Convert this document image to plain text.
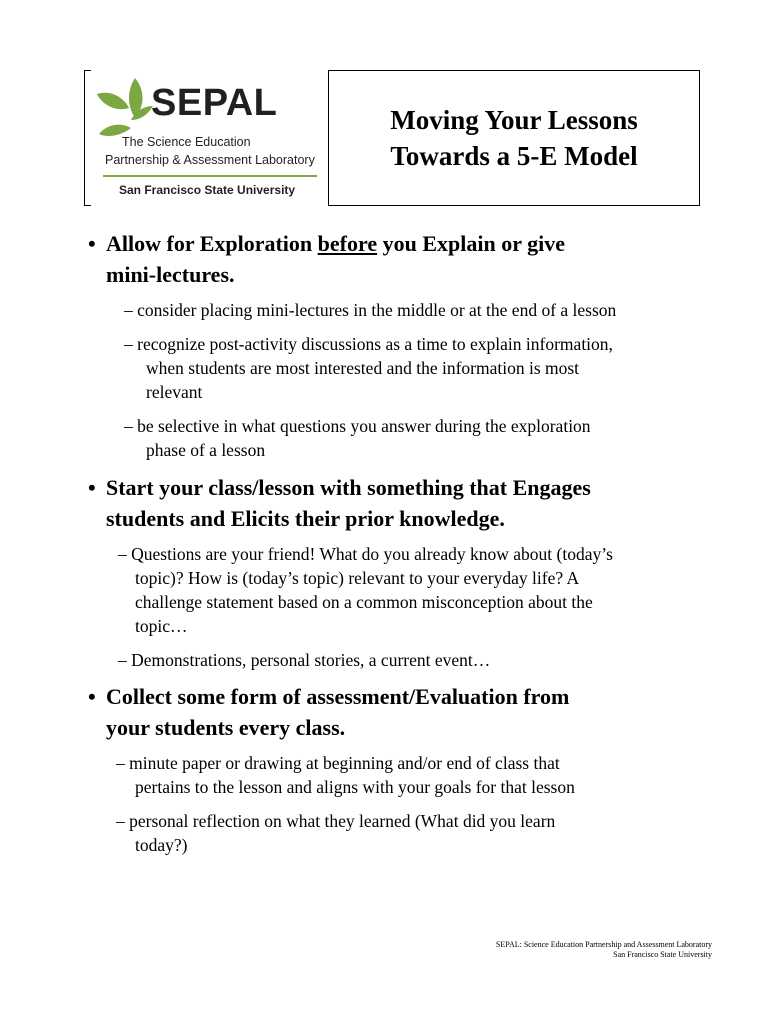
SEPAL
The Science Education
Partnership & Assessment Laboratory
San Francisco State University
Moving Your Lessons
Towards a 5-E Model
• Allow for Exploration before you Explain or give
mini-lectures.
– consider placing mini-lectures in the middle or at the end of a lesson
– recognize post-activity discussions as a time to explain information,
when students are most interested and the information is most
relevant
– be selective in what questions you answer during the exploration
phase of a lesson
• Start your class/lesson with something that Engages
students and Elicits their prior knowledge.
– Questions are your friend! What do you already know about (today’s
topic)? How is (today’s topic) relevant to your everyday life? A
challenge statement based on a common misconception about the
topic…
– Demonstrations, personal stories, a current event…
• Collect some form of assessment/Evaluation from
your students every class.
– minute paper or drawing at beginning and/or end of class that
pertains to the lesson and aligns with your goals for that lesson
– personal reflection on what they learned (What did you learn
today?)
SEPAL: Science Education Partnership and Assessment Laboratory
San Francisco State University
